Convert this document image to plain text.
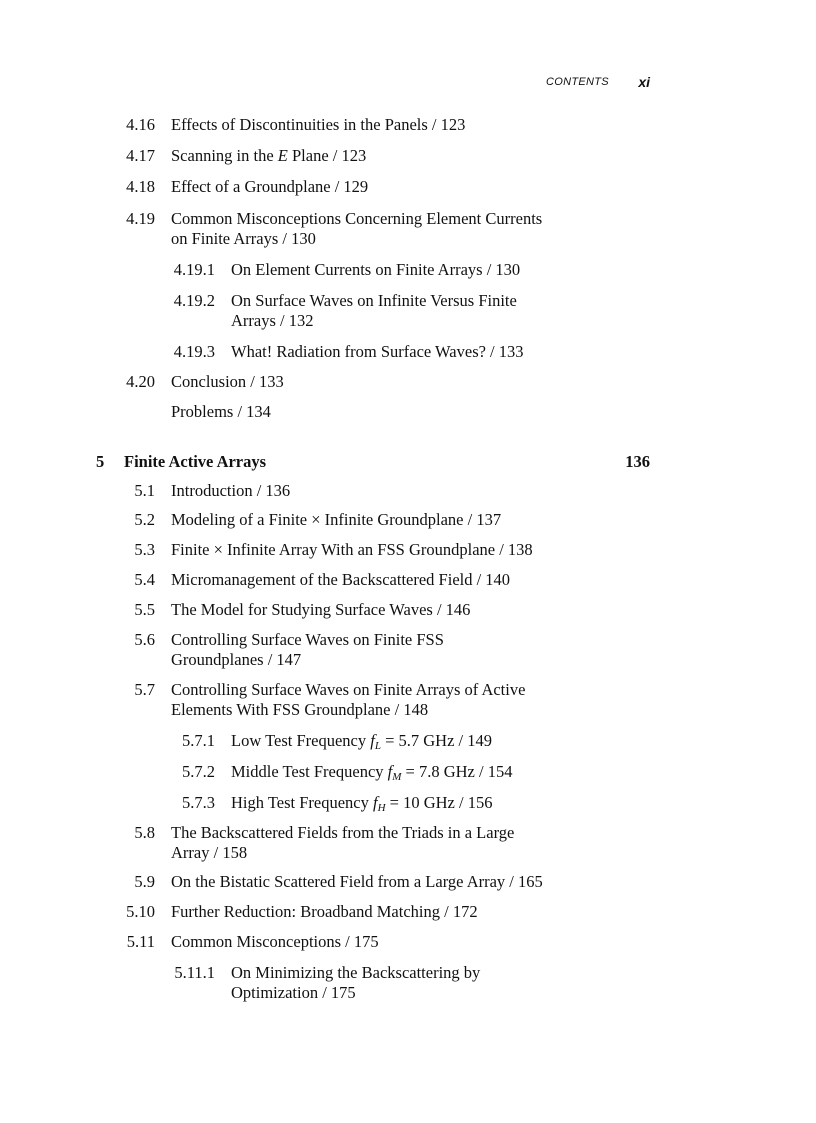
CONTENTS xi
4.16 Effects of Discontinuities in the Panels / 123
4.17 Scanning in the E Plane / 123
4.18 Effect of a Groundplane / 129
4.19 Common Misconceptions Concerning Element Currents
on Finite Arrays / 130
4.19.1 On Element Currents on Finite Arrays / 130
4.19.2 On Surface Waves on Infinite Versus Finite
Arrays / 132
4.19.3 What! Radiation from Surface Waves? / 133
4.20 Conclusion / 133
Problems / 134
5 Finite Active Arrays	136
5.1 Introduction / 136
5.2 Modeling of a Finite × Infinite Groundplane / 137
5.3 Finite × Infinite Array With an FSS Groundplane / 138
5.4 Micromanagement of the Backscattered Field / 140
5.5 The Model for Studying Surface Waves / 146
5.6 Controlling Surface Waves on Finite FSS
Groundplanes / 147
5.7 Controlling Surface Waves on Finite Arrays of Active
Elements With FSS Groundplane / 148
5.7.1 Low Test Frequency fL = 5.7 GHz / 149
5.7.2 Middle Test Frequency fM = 7.8 GHz / 154
5.7.3 High Test Frequency fH = 10 GHz / 156
5.8 The Backscattered Fields from the Triads in a Large
Array / 158
5.9 On the Bistatic Scattered Field from a Large Array / 165
5.10 Further Reduction: Broadband Matching / 172
5.11 Common Misconceptions / 175
5.11.1 On Minimizing the Backscattering by
Optimization / 175
